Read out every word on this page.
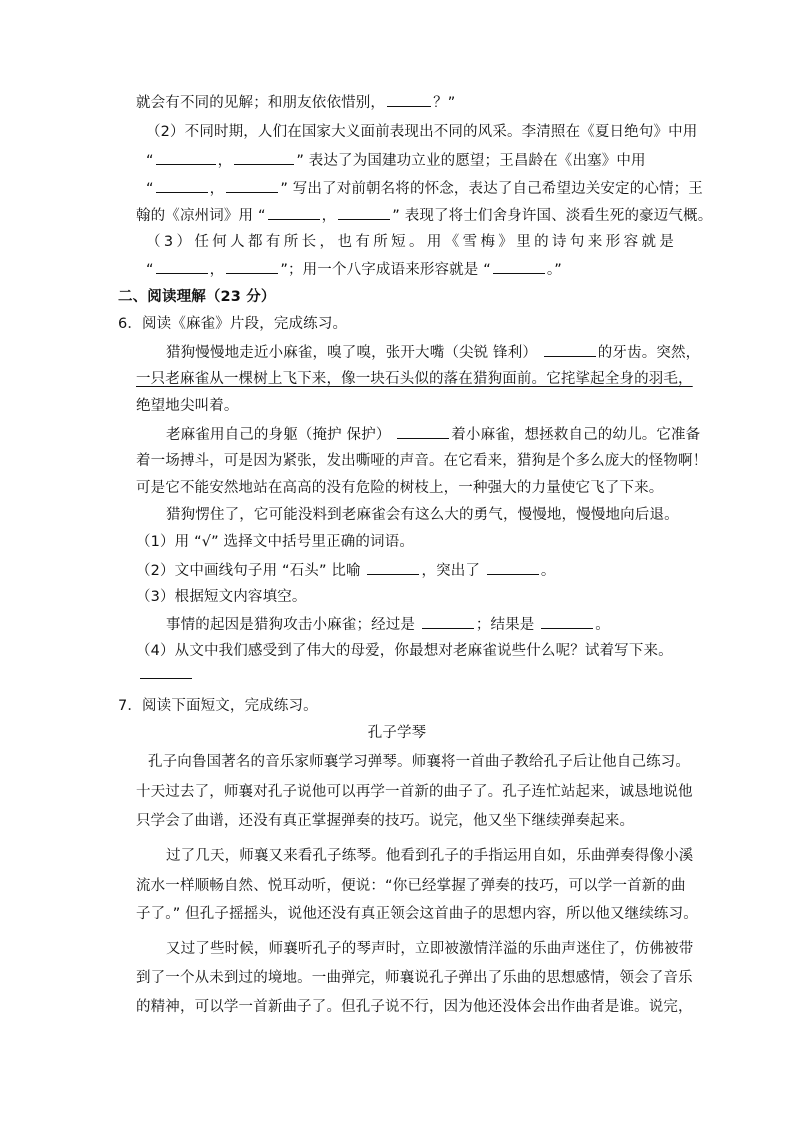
就会有不同的见解；和朋友依依惜别，	？”
（2）不同时期，人们在国家大义面前表现出不同的风采。李清照在《夏日绝句》中用
“	，	” 表达了为国建功立业的愿望；王昌龄在《出塞》中用
“	，	” 写出了对前朝名将的怀念，表达了自己希望边关安定的心情；王
翰的《凉州词》用 “	，	” 表现了将士们舍身许国、淡看生死的豪迈气概。
（3）任何人都有所长，也有所短。用《雪梅》里的诗句来形容就是
“	，	”；用一个八字成语来形容就是 “	。”
二、阅读理解（23 分）
6．阅读《麻雀》片段，完成练习。
猎狗慢慢地走近小麻雀，嗅了嗅，张开大嘴（尖锐 锋利）	的牙齿。突然，
一只老麻雀从一棵树上飞下来，像一块石头似的落在猎狗面前。它挓挲起全身的羽毛，
绝望地尖叫着。
老麻雀用自己的身躯（掩护 保护）	着小麻雀，想拯救自己的幼儿。它准备
着一场搏斗，可是因为紧张，发出嘶哑的声音。在它看来，猎狗是个多么庞大的怪物啊！
可是它不能安然地站在高高的没有危险的树枝上，一种强大的力量使它飞了下来。
猎狗愣住了，它可能没料到老麻雀会有这么大的勇气，慢慢地，慢慢地向后退。
（1）用 “√” 选择文中括号里正确的词语。
（2）文中画线句子用 “石头” 比喻	，突出了	。
（3）根据短文内容填空。
事情的起因是猎狗攻击小麻雀；经过是	；结果是	。
（4）从文中我们感受到了伟大的母爱，你最想对老麻雀说些什么呢？试着写下来。
7．阅读下面短文，完成练习。
孔子学琴
孔子向鲁国著名的音乐家师襄学习弹琴。师襄将一首曲子教给孔子后让他自己练习。
十天过去了，师襄对孔子说他可以再学一首新的曲子了。孔子连忙站起来，诚恳地说他
只学会了曲谱，还没有真正掌握弹奏的技巧。说完，他又坐下继续弹奏起来。
过了几天，师襄又来看孔子练琴。他看到孔子的手指运用自如，乐曲弹奏得像小溪
流水一样顺畅自然、悦耳动听，便说：“你已经掌握了弹奏的技巧，可以学一首新的曲
子了。” 但孔子摇摇头，说他还没有真正领会这首曲子的思想内容，所以他又继续练习。
又过了些时候，师襄听孔子的琴声时，立即被激情洋溢的乐曲声迷住了，仿佛被带
到了一个从未到过的境地。一曲弹完，师襄说孔子弹出了乐曲的思想感情，领会了音乐
的精神，可以学一首新曲子了。但孔子说不行，因为他还没体会出作曲者是谁。说完，
